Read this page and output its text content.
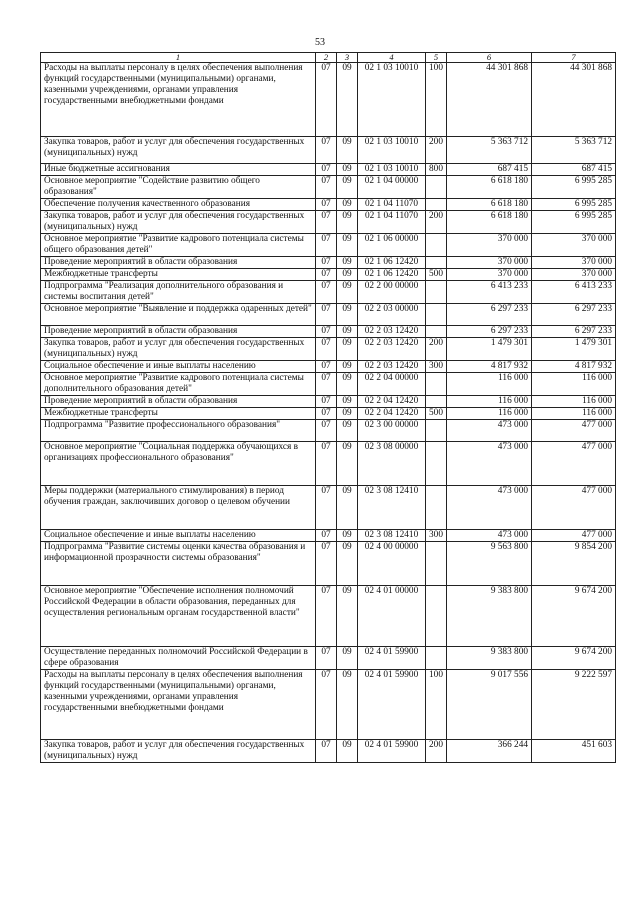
53
1	2	3	4	5	6	7
Расходы на выплаты персоналу в целях обеспечения выполнения функций государственными (муниципальными) органами, казенными учреждениями, органами управления государственными внебюджетными фондами	07	09	02 1 03 10010	100	44 301 868	44 301 868
Закупка товаров, работ и услуг для обеспечения государственных (муниципальных) нужд	07	09	02 1 03 10010	200	5 363 712	5 363 712
Иные бюджетные ассигнования	07	09	02 1 03 10010	800	687 415	687 415
Основное мероприятие "Содействие развитию общего образования"	07	09	02 1 04 00000		6 618 180	6 995 285
Обеспечение получения качественного образования	07	09	02 1 04 11070		6 618 180	6 995 285
Закупка товаров, работ и услуг для обеспечения государственных (муниципальных) нужд	07	09	02 1 04 11070	200	6 618 180	6 995 285
Основное мероприятие "Развитие кадрового потенциала системы общего образования детей"	07	09	02 1 06 00000		370 000	370 000
Проведение мероприятий в области образования	07	09	02 1 06 12420		370 000	370 000
Межбюджетные трансферты	07	09	02 1 06 12420	500	370 000	370 000
Подпрограмма "Реализация дополнительного образования и системы воспитания детей"	07	09	02 2 00 00000		6 413 233	6 413 233
Основное мероприятие "Выявление и поддержка одаренных детей"	07	09	02 2 03 00000		6 297 233	6 297 233
Проведение мероприятий в области образования	07	09	02 2 03 12420		6 297 233	6 297 233
Закупка товаров, работ и услуг для обеспечения государственных (муниципальных) нужд	07	09	02 2 03 12420	200	1 479 301	1 479 301
Социальное обеспечение и иные выплаты населению	07	09	02 2 03 12420	300	4 817 932	4 817 932
Основное мероприятие "Развитие кадрового потенциала системы дополнительного образования детей"	07	09	02 2 04 00000		116 000	116 000
Проведение мероприятий в области образования	07	09	02 2 04 12420		116 000	116 000
Межбюджетные трансферты	07	09	02 2 04 12420	500	116 000	116 000
Подпрограмма "Развитие профессионального образования"	07	09	02 3 00 00000		473 000	477 000
Основное мероприятие "Социальная поддержка обучающихся в организациях профессионального образования"	07	09	02 3 08 00000		473 000	477 000
Меры поддержки (материального стимулирования) в период обучения граждан, заключивших договор о целевом обучении	07	09	02 3 08 12410		473 000	477 000
Социальное обеспечение и иные выплаты населению	07	09	02 3 08 12410	300	473 000	477 000
Подпрограмма "Развитие системы оценки качества образования и информационной прозрачности системы образования"	07	09	02 4 00 00000		9 563 800	9 854 200
Основное мероприятие "Обеспечение исполнения полномочий Российской Федерации в области образования, переданных для осуществления региональным органам государственной власти"	07	09	02 4 01 00000		9 383 800	9 674 200
Осуществление переданных полномочий Российской Федерации в сфере образования	07	09	02 4 01 59900		9 383 800	9 674 200
Расходы на выплаты персоналу в целях обеспечения выполнения функций государственными (муниципальными) органами, казенными учреждениями, органами управления государственными внебюджетными фондами	07	09	02 4 01 59900	100	9 017 556	9 222 597
Закупка товаров, работ и услуг для обеспечения государственных (муниципальных) нужд	07	09	02 4 01 59900	200	366 244	451 603
